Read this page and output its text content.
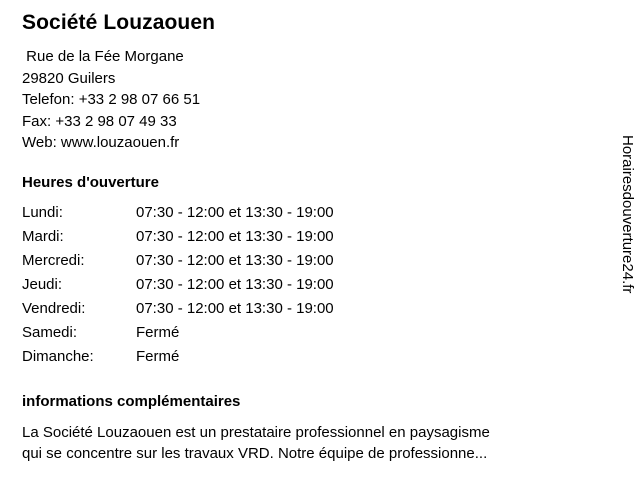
Société Louzaouen
Rue de la Fée Morgane
29820 Guilers
Telefon: +33 2 98 07 66 51
Fax: +33 2 98 07 49 33
Web: www.louzaouen.fr
Heures d'ouverture
Lundi:	07:30 - 12:00 et 13:30 - 19:00
Mardi:	07:30 - 12:00 et 13:30 - 19:00
Mercredi:	07:30 - 12:00 et 13:30 - 19:00
Jeudi:	07:30 - 12:00 et 13:30 - 19:00
Vendredi:	07:30 - 12:00 et 13:30 - 19:00
Samedi:	Fermé
Dimanche:	Fermé
informations complémentaires
La Société Louzaouen est un prestataire professionnel en paysagisme
qui se concentre sur les travaux VRD. Notre équipe de professionne...
Horairesdouverture24.fr
